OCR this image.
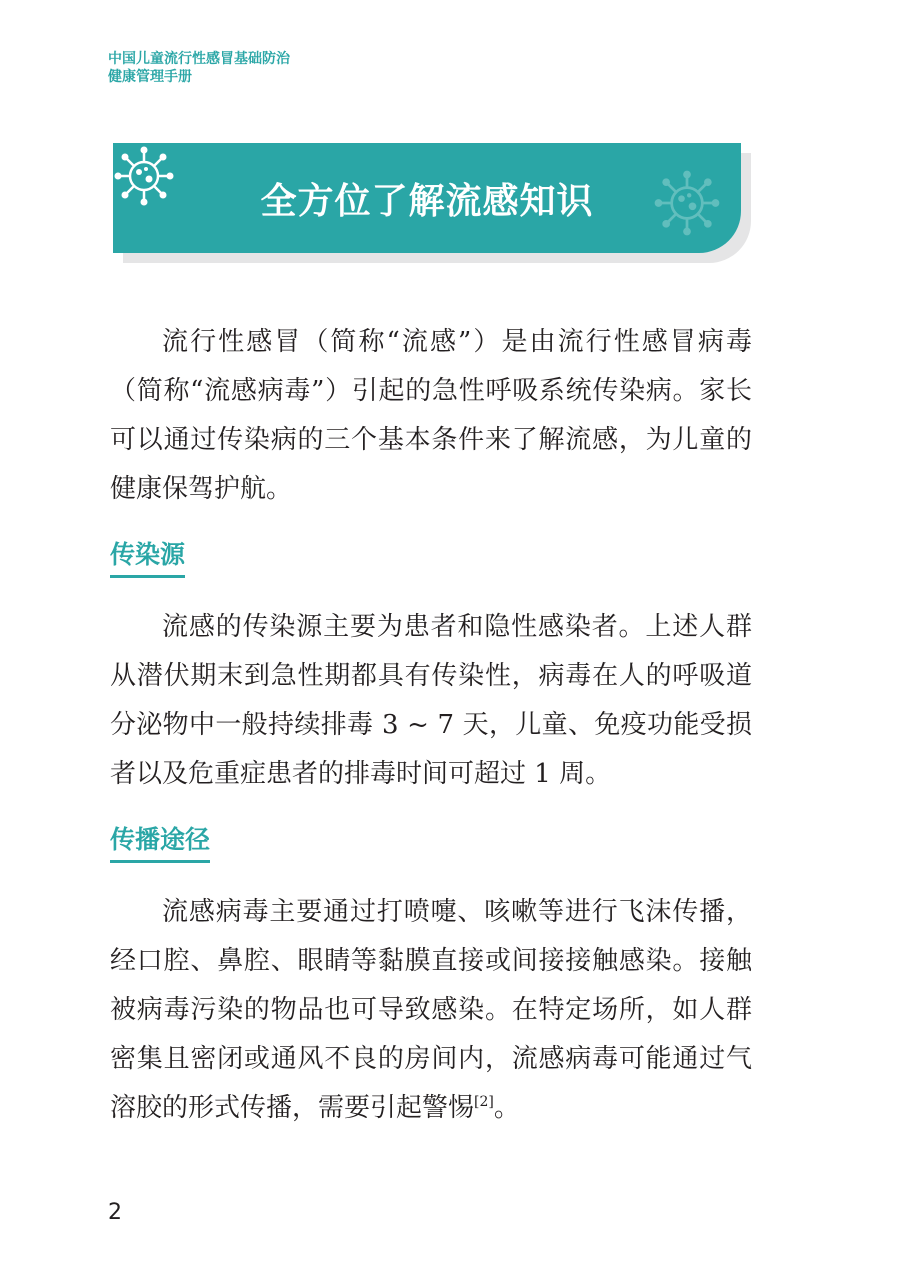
中国儿童流行性感冒基础防治
健康管理手册
全方位了解流感知识

流行性感冒（简称“流感”）是由流行性感冒病毒（简称“流感病毒”）引起的急性呼吸系统传染病。家长可以通过传染病的三个基本条件来了解流感，为儿童的健康保驾护航。

传染源

流感的传染源主要为患者和隐性感染者。上述人群从潜伏期末到急性期都具有传染性，病毒在人的呼吸道分泌物中一般持续排毒 3 ~ 7 天，儿童、免疫功能受损者以及危重症患者的排毒时间可超过 1 周。

传播途径

流感病毒主要通过打喷嚏、咳嗽等进行飞沫传播，经口腔、鼻腔、眼睛等黏膜直接或间接接触感染。接触被病毒污染的物品也可导致感染。在特定场所，如人群密集且密闭或通风不良的房间内，流感病毒可能通过气溶胶的形式传播，需要引起警惕[2]。

2
